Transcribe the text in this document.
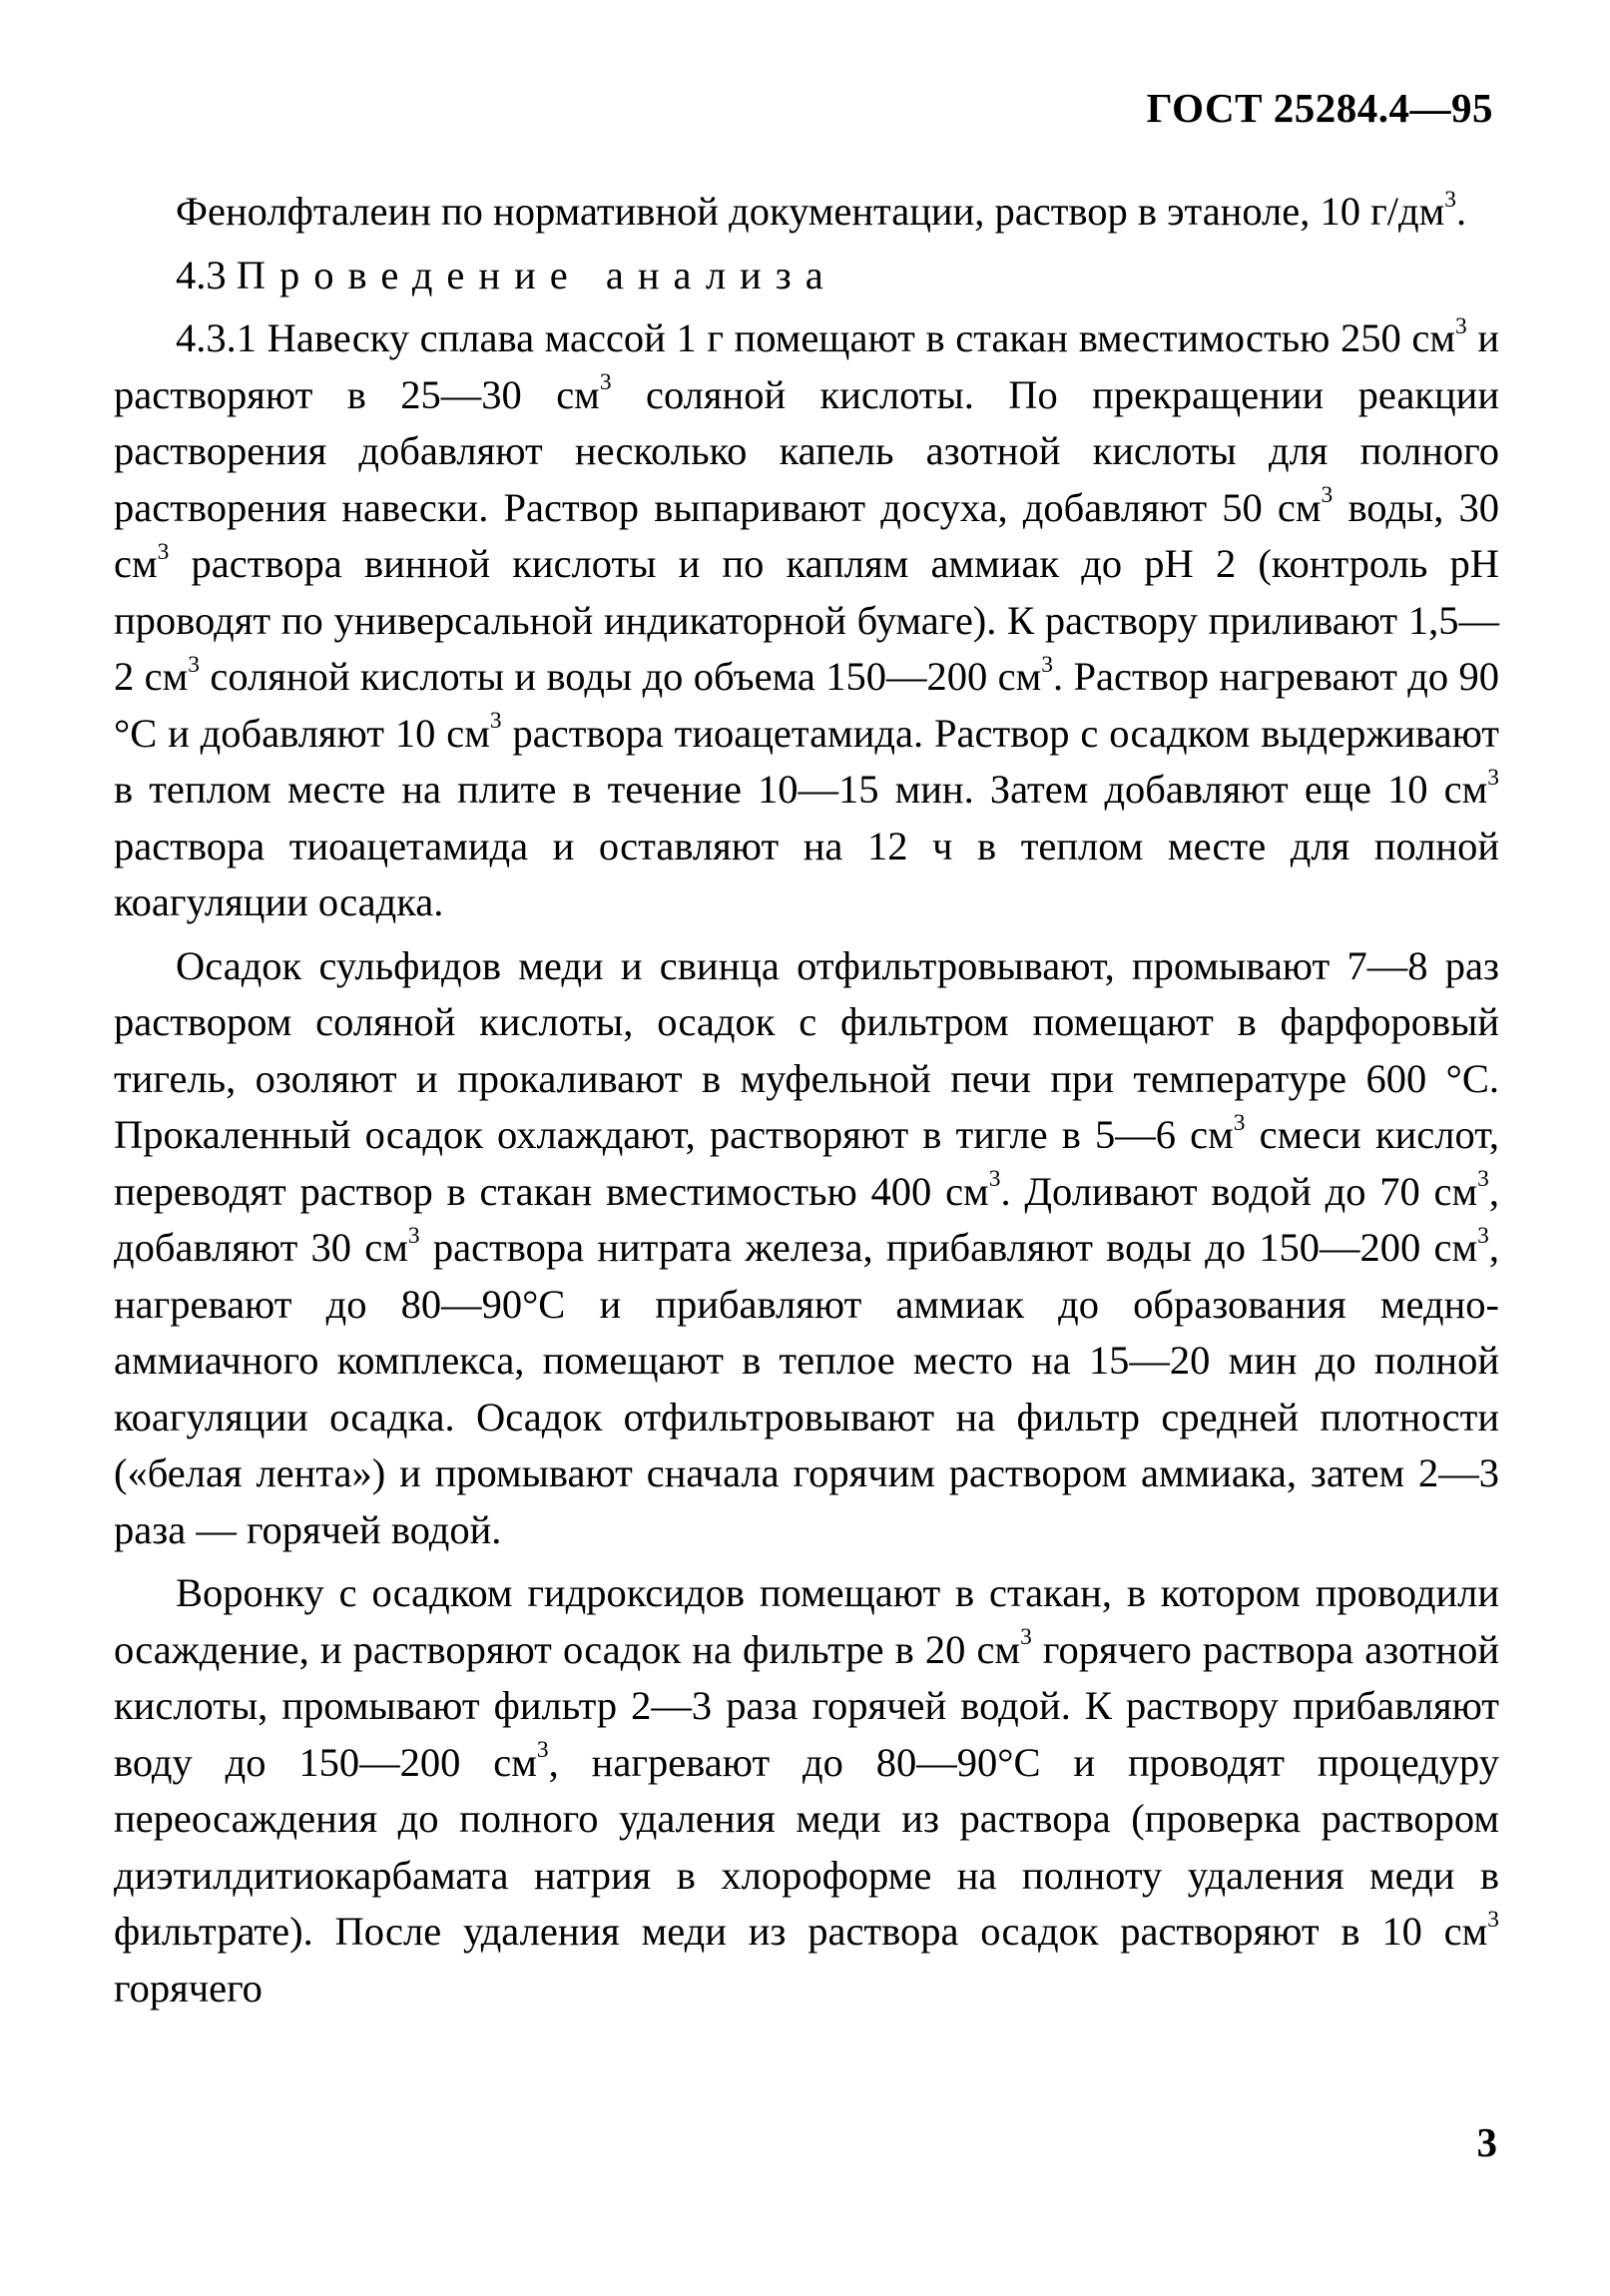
ГОСТ 25284.4—95

Фенолфталеин по нормативной документации, раствор в этаноле, 10 $г/дм^3$.

4.3 Проведение анализа

4.3.1 Навеску сплава массой 1 г помещают в стакан вместимостью 250 $см^3$ и растворяют в 25—30 $см^3$ соляной кислоты. По прекращении реакции растворения добавляют несколько капель азотной кислоты для полного растворения навески. Раствор выпаривают досуха, добавляют 50 $см^3$ воды, 30 $см^3$ раствора винной кислоты и по каплям аммиак до рН 2 (контроль рН проводят по универсальной индикаторной бумаге). К раствору приливают 1,5—2 $см^3$ соляной кислоты и воды до объема 150—200 $см^3$. Раствор нагревают до 90 °С и добавляют 10 $см^3$ раствора тиоацетамида. Раствор с осадком выдерживают в теплом месте на плите в течение 10—15 мин. Затем добавляют еще 10 $см^3$ раствора тиоацетамида и оставляют на 12 ч в теплом месте для полной коагуляции осадка.

Осадок сульфидов меди и свинца отфильтровывают, промывают 7—8 раз раствором соляной кислоты, осадок с фильтром помещают в фарфоровый тигель, озоляют и прокаливают в муфельной печи при температуре 600 °С. Прокаленный осадок охлаждают, растворяют в тигле в 5—6 $см^3$ смеси кислот, переводят раствор в стакан вместимостью 400 $см^3$. Доливают водой до 70 $см^3$, добавляют 30 $см^3$ раствора нитрата железа, прибавляют воды до 150—200 $см^3$, нагревают до 80—90°С и прибавляют аммиак до образования медно-аммиачного комплекса, помещают в теплое место на 15—20 мин до полной коагуляции осадка. Осадок отфильтровывают на фильтр средней плотности («белая лента») и промывают сначала горячим раствором аммиака, затем 2—3 раза — горячей водой.

Воронку с осадком гидроксидов помещают в стакан, в котором проводили осаждение, и растворяют осадок на фильтре в 20 $см^3$ горячего раствора азотной кислоты, промывают фильтр 2—3 раза горячей водой. К раствору прибавляют воду до 150—200 $см^3$, нагревают до 80—90°С и проводят процедуру переосаждения до полного удаления меди из раствора (проверка раствором диэтилдитиокарбамата натрия в хлороформе на полноту удаления меди в фильтрате). После удаления меди из раствора осадок растворяют в 10 $см^3$ горячего

3
